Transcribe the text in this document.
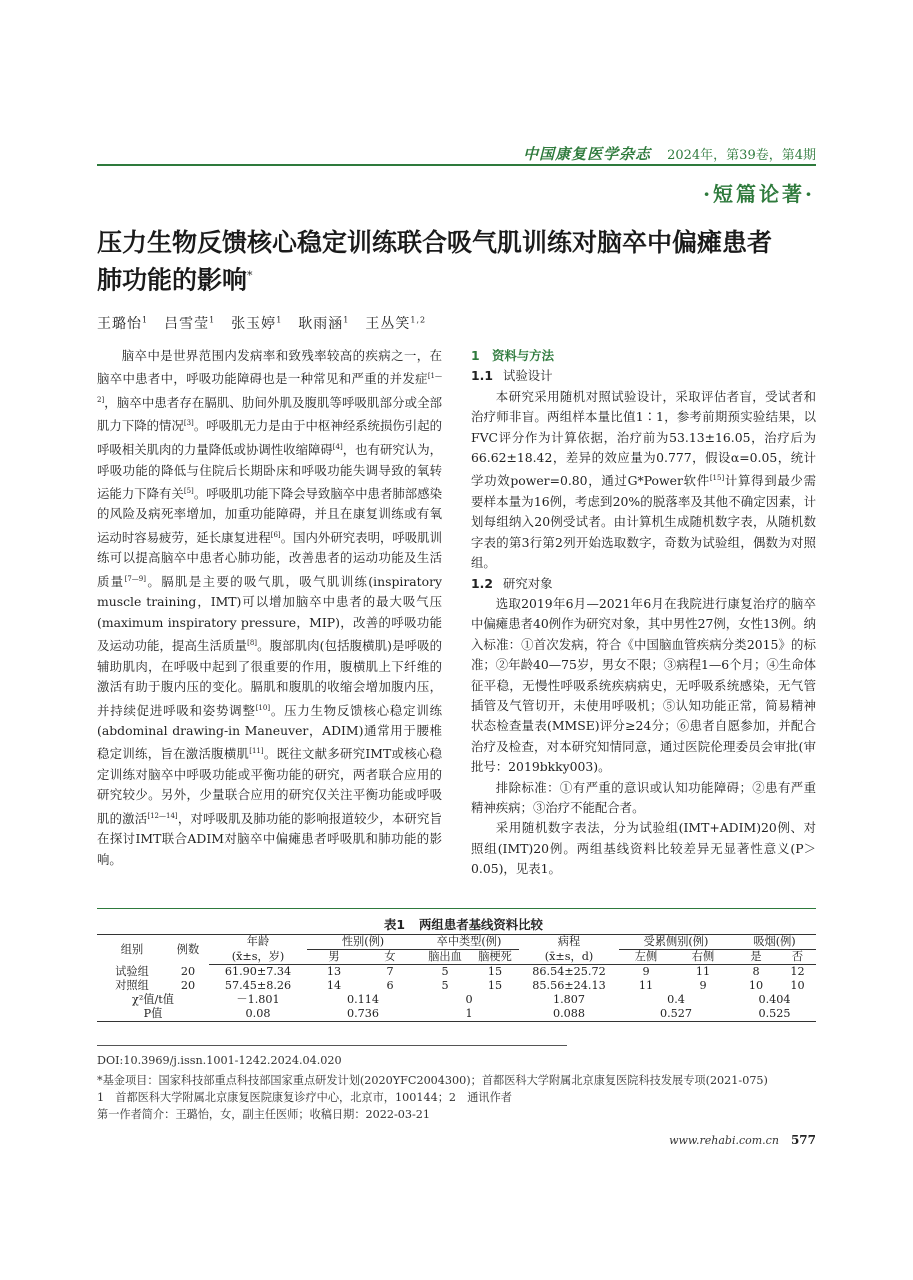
中国康复医学杂志 2024年，第39卷，第4期
·短篇论著·
压力生物反馈核心稳定训练联合吸气肌训练对脑卒中偏瘫患者
肺功能的影响*
王璐怡$^1$ 吕雪莹$^1$ 张玉婷$^1$ 耿雨涵$^1$ 王丛笑$^{1,2}$

脑卒中是世界范围内发病率和致残率较高的疾病之一，在脑卒中患者中，呼吸功能障碍也是一种常见和严重的并发症[1—2]，脑卒中患者存在膈肌、肋间外肌及腹肌等呼吸肌部分或全部肌力下降的情况[3]。呼吸肌无力是由于中枢神经系统损伤引起的呼吸相关肌肉的力量降低或协调性收缩障碍[4]，也有研究认为，呼吸功能的降低与住院后长期卧床和呼吸功能失调导致的氧转运能力下降有关[5]。呼吸肌功能下降会导致脑卒中患者肺部感染的风险及病死率增加，加重功能障碍，并且在康复训练或有氧运动时容易疲劳，延长康复进程[6]。国内外研究表明，呼吸肌训练可以提高脑卒中患者心肺功能，改善患者的运动功能及生活质量[7—9]。膈肌是主要的吸气肌，吸气肌训练(inspiratory muscle training，IMT)可以增加脑卒中患者的最大吸气压(maximum inspiratory pressure，MIP)，改善的呼吸功能及运动功能，提高生活质量[8]。腹部肌肉(包括腹横肌)是呼吸的辅助肌肉，在呼吸中起到了很重要的作用，腹横肌上下纤维的激活有助于腹内压的变化。膈肌和腹肌的收缩会增加腹内压，并持续促进呼吸和姿势调整[10]。压力生物反馈核心稳定训练(abdominal drawing-in Maneuver，ADIM)通常用于腰椎稳定训练，旨在激活腹横肌[11]。既往文献多研究IMT或核心稳定训练对脑卒中呼吸功能或平衡功能的研究，两者联合应用的研究较少。另外，少量联合应用的研究仅关注平衡功能或呼吸肌的激活[12—14]，对呼吸肌及肺功能的影响报道较少，本研究旨在探讨IMT联合ADIM对脑卒中偏瘫患者呼吸肌和肺功能的影响。

1　资料与方法
1.1 试验设计

本研究采用随机对照试验设计，采取评估者盲，受试者和治疗师非盲。两组样本量比值1∶1，参考前期预实验结果，以FVC评分作为计算依据，治疗前为53.13±16.05，治疗后为66.62±18.42，差异的效应量为0.777，假设α=0.05，统计学功效power=0.80，通过G*Power软件[15]计算得到最少需要样本量为16例，考虑到20%的脱落率及其他不确定因素，计划每组纳入20例受试者。由计算机生成随机数字表，从随机数字表的第3行第2列开始选取数字，奇数为试验组，偶数为对照组。

1.2 研究对象

选取2019年6月—2021年6月在我院进行康复治疗的脑卒中偏瘫患者40例作为研究对象，其中男性27例，女性13例。纳入标准：①首次发病，符合《中国脑血管疾病分类2015》的标准；②年龄40—75岁，男女不限；③病程1—6个月；④生命体征平稳，无慢性呼吸系统疾病病史，无呼吸系统感染，无气管插管及气管切开，未使用呼吸机；⑤认知功能正常，简易精神状态检查量表(MMSE)评分≥24分；⑥患者自愿参加，并配合治疗及检查，对本研究知情同意，通过医院伦理委员会审批(审批号：2019bkky003)。

排除标准：①有严重的意识或认知功能障碍；②患有严重精神疾病；③治疗不能配合者。

采用随机数字表法，分为试验组(IMT+ADIM)20例、对照组(IMT)20例。两组基线资料比较差异无显著性意义(P＞0.05)，见表1。

表1 两组患者基线资料比较
组别	例数	年龄	性别(例)		卒中类型(例)		病程	受累侧别(例)		吸烟(例)	
		(x̄±s，岁)	男	女	脑出血	脑梗死	(x̄±s，d)	左侧	右侧	是	否
试验组	20	61.90±7.34	13	7	5	15	86.54±25.72	9	11	8	12
对照组	20	57.45±8.26	14	6	5	15	85.56±24.13	11	9	10	10
χ²值/t值		－1.801	0.114		0		1.807	0.4		0.404	
P值		0.08	0.736		1		0.088	0.527		0.525	
DOI:10.3969/j.issn.1001-1242.2024.04.020
*基金项目：国家科技部重点科技部国家重点研发计划(2020YFC2004300)；首都医科大学附属北京康复医院科技发展专项(2021-075)
1　首都医科大学附属北京康复医院康复诊疗中心，北京市，100144；2　通讯作者
第一作者简介：王璐怡，女，副主任医师；收稿日期：2022-03-21
www.rehabi.com.cn 577
